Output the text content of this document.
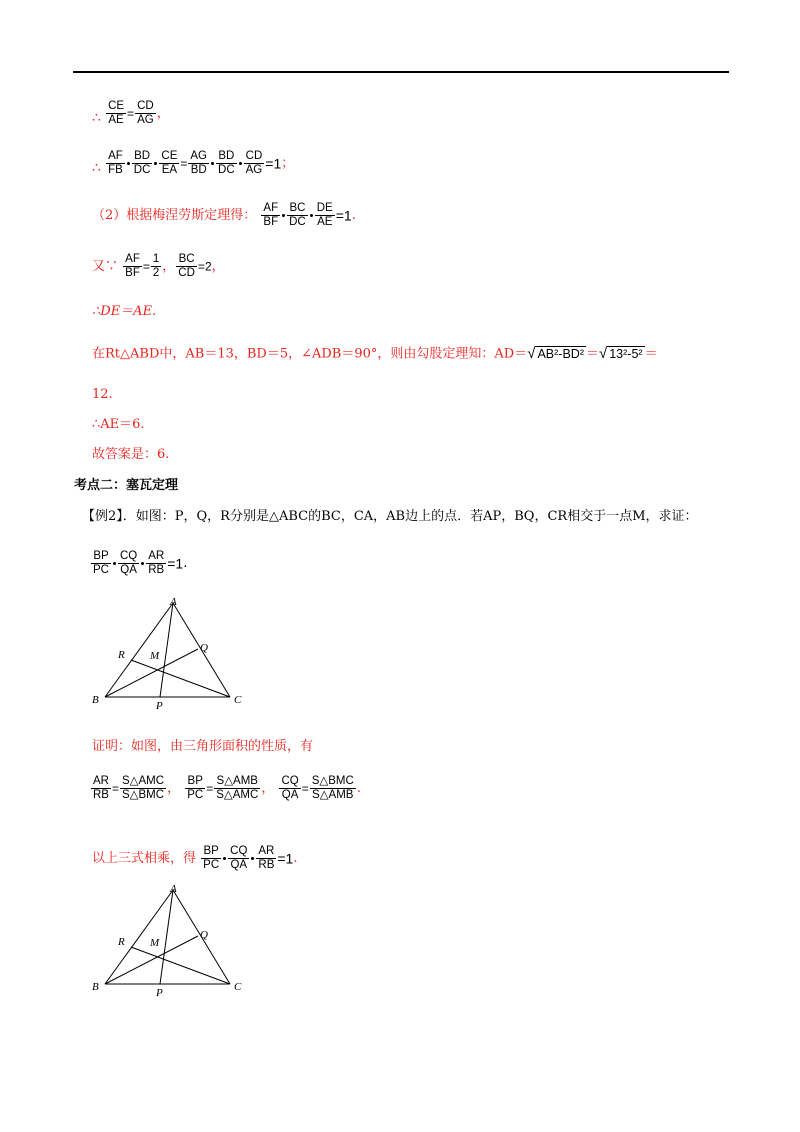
∴ $\frac{CE}{AE} = \frac{CD}{AG}$ ，
∴ $\frac{AF}{FB} \frac{BD}{DC} \frac{CE}{EA} = \frac{AG}{BD} \frac{BD}{DC} \frac{CD}{AG} =1$；
（2）根据梅涅劳斯定理得： $\frac{AF}{BF} \frac{BC}{DC} \frac{DE}{AE} =1$.
又∵ $\frac{AF}{BF} = \frac{1}{2}$ ， $\frac{BC}{CD} =2$，
∴DE＝AE.
在Rt△ABD中，AB＝13，BD＝5，∠ADB＝90°，则由勾股定理知：AD＝√ AB²-BD² ＝√ 13²-5² ＝
12.
∴AE＝6.
故答案是：6.
考点二：塞瓦定理
【例2】．如图：P，Q，R分别是△ABC的BC，CA，AB边上的点．若AP，BQ，CR相交于一点M，求证：
$\frac{BP}{PC} \frac{CQ}{QA} \frac{AR}{RB} =1$.
A
B	C
P
Q
R M
证明：如图，由三角形面积的性质，有
$\frac{AR}{RB} = \frac{\text{S△AMC}}{\text{S△BMC}}$ ， $\frac{BP}{PC} = \frac{\text{S△AMB}}{\text{S△AMC}}$ ， $\frac{CQ}{QA} = \frac{\text{S△BMC}}{\text{S△AMB}}$ .
以上三式相乘，得 $\frac{BP}{PC} \frac{CQ}{QA} \frac{AR}{RB} =1$.
A
B	C
P
Q
R M
